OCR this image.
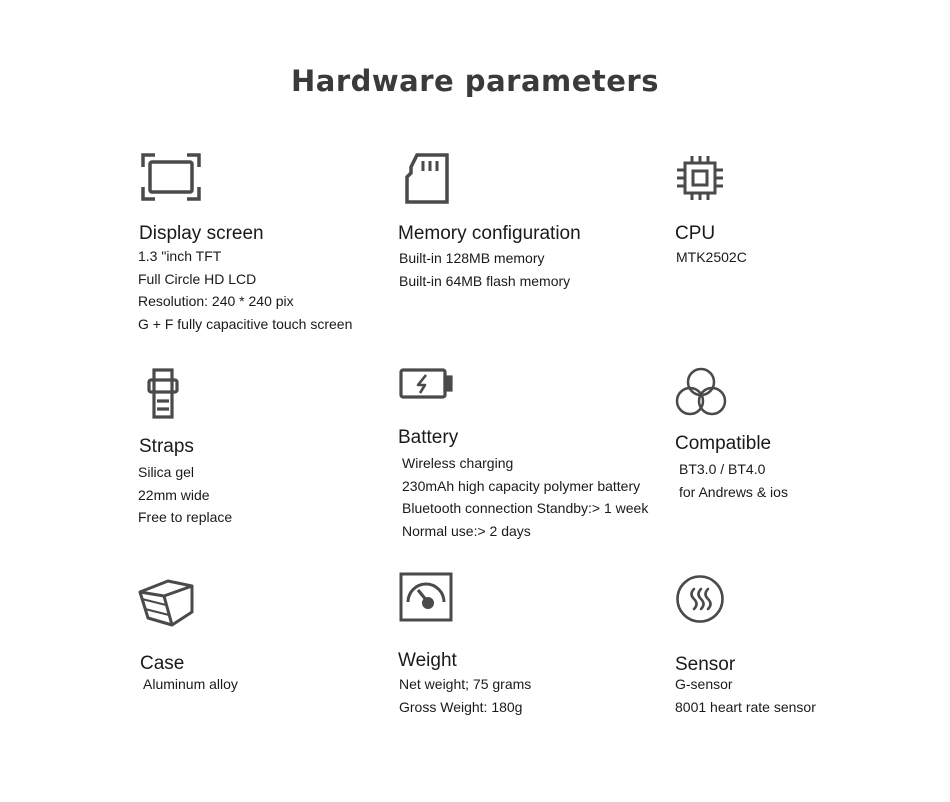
Hardware parameters
Display screen
1.3 "inch TFT
Full Circle HD LCD
Resolution: 240 * 240 pix
G + F fully capacitive touch screen
Memory configuration
Built-in 128MB memory
Built-in 64MB flash memory
CPU
MTK2502C
Straps
Silica gel
22mm wide
Free to replace
Battery
Wireless charging
230mAh high capacity polymer battery
Bluetooth connection Standby:> 1 week
Normal use:> 2 days
Compatible
BT3.0 / BT4.0
for Andrews & ios
Case
Aluminum alloy
Weight
Net weight; 75 grams
Gross Weight: 180g
Sensor
G-sensor
8001 heart rate sensor
